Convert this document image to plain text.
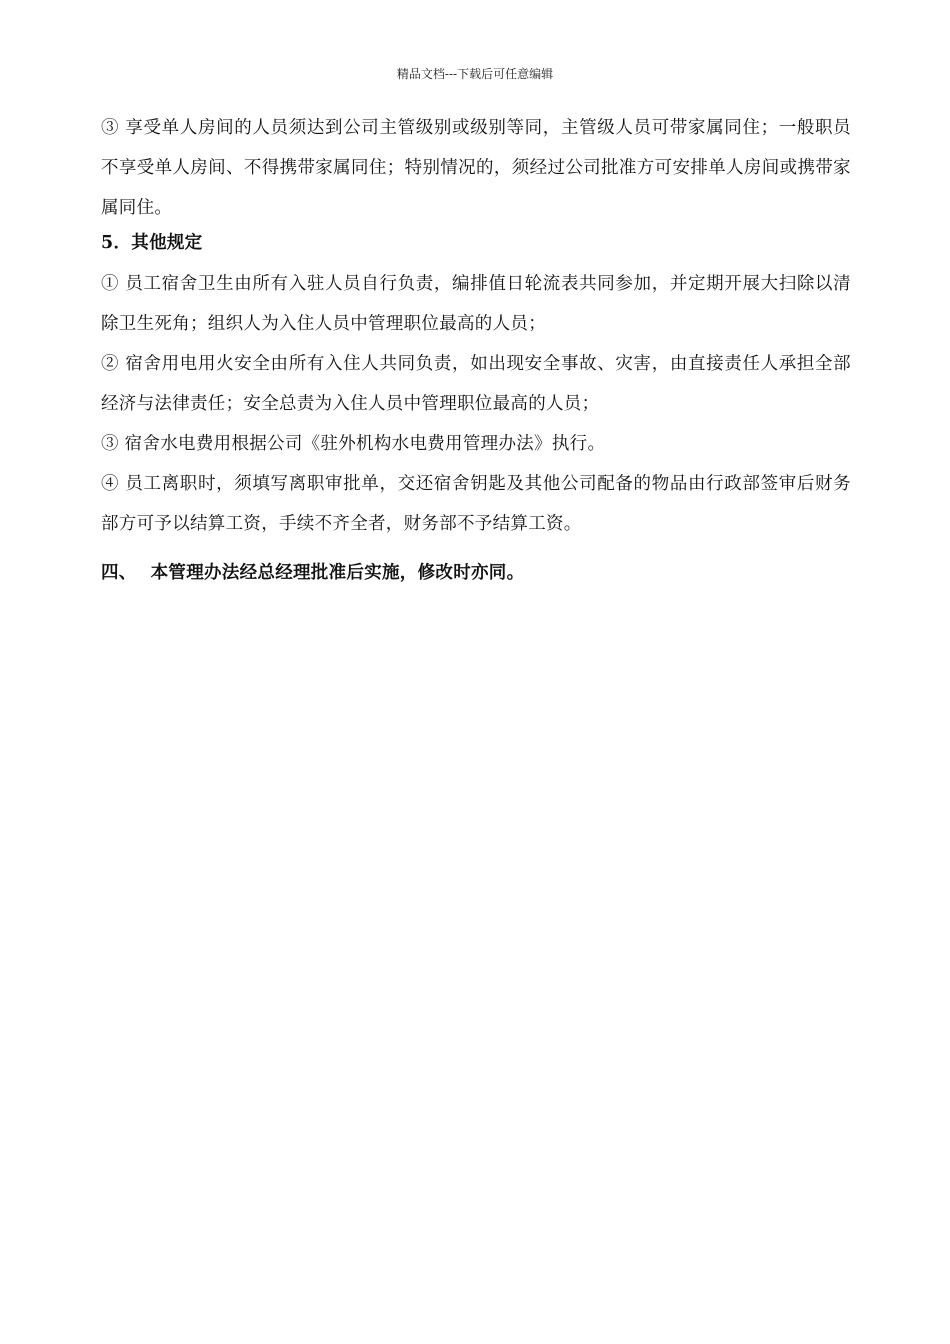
精品文档---下载后可任意编辑

③ 享受单人房间的人员须达到公司主管级别或级别等同，主管级人员可带家属同住；一般职员不享受单人房间、不得携带家属同住；特别情况的，须经过公司批准方可安排单人房间或携带家属同住。

5．其他规定

① 员工宿舍卫生由所有入驻人员自行负责，编排值日轮流表共同参加，并定期开展大扫除以清除卫生死角；组织人为入住人员中管理职位最高的人员；

② 宿舍用电用火安全由所有入住人共同负责，如出现安全事故、灾害，由直接责任人承担全部经济与法律责任；安全总责为入住人员中管理职位最高的人员；

③ 宿舍水电费用根据公司《驻外机构水电费用管理办法》执行。

④ 员工离职时，须填写离职审批单，交还宿舍钥匙及其他公司配备的物品由行政部签审后财务部方可予以结算工资，手续不齐全者，财务部不予结算工资。

四、 本管理办法经总经理批准后实施，修改时亦同。
